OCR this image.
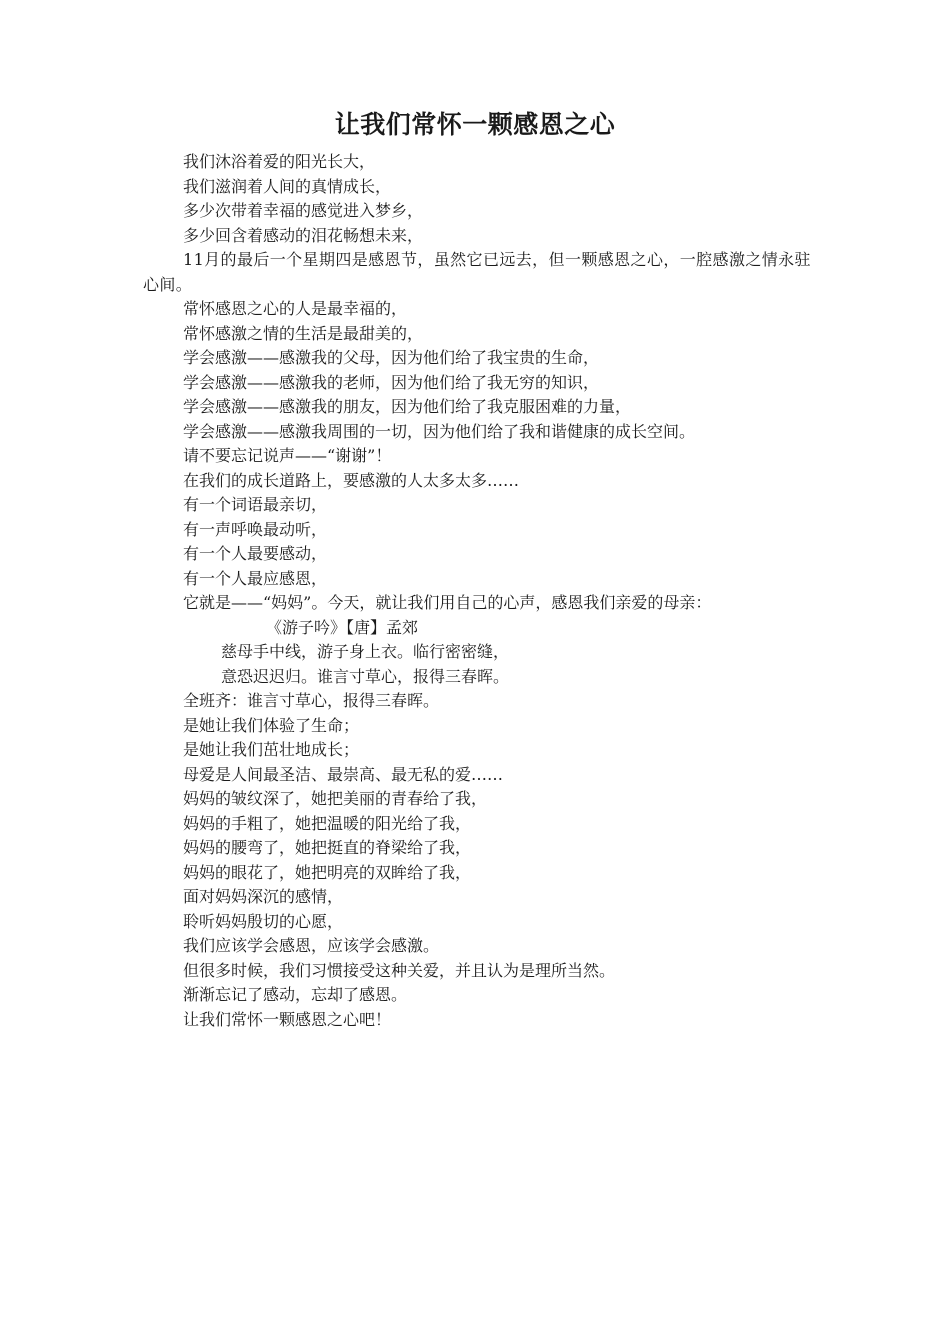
让我们常怀一颗感恩之心
我们沐浴着爱的阳光长大，
我们滋润着人间的真情成长，
多少次带着幸福的感觉进入梦乡，
多少回含着感动的泪花畅想未来，
11月的最后一个星期四是感恩节，虽然它已远去，但一颗感恩之心，一腔感激之情永驻心间。
常怀感恩之心的人是最幸福的，
常怀感激之情的生活是最甜美的，
学会感激——感激我的父母，因为他们给了我宝贵的生命，
学会感激——感激我的老师，因为他们给了我无穷的知识，
学会感激——感激我的朋友，因为他们给了我克服困难的力量，
学会感激——感激我周围的一切，因为他们给了我和谐健康的成长空间。
请不要忘记说声——“谢谢”！
在我们的成长道路上，要感激的人太多太多……
有一个词语最亲切，
有一声呼唤最动听，
有一个人最要感动，
有一个人最应感恩，
它就是——“妈妈”。今天，就让我们用自己的心声，感恩我们亲爱的母亲：
《游子吟》【唐】孟郊
慈母手中线，游子身上衣。临行密密缝，
意恐迟迟归。谁言寸草心，报得三春晖。
全班齐：谁言寸草心，报得三春晖。
是她让我们体验了生命；
是她让我们茁壮地成长；
母爱是人间最圣洁、最崇高、最无私的爱……
妈妈的皱纹深了，她把美丽的青春给了我，
妈妈的手粗了，她把温暖的阳光给了我，
妈妈的腰弯了，她把挺直的脊梁给了我，
妈妈的眼花了，她把明亮的双眸给了我，
面对妈妈深沉的感情，
聆听妈妈殷切的心愿，
我们应该学会感恩，应该学会感激。
但很多时候，我们习惯接受这种关爱，并且认为是理所当然。
渐渐忘记了感动，忘却了感恩。
让我们常怀一颗感恩之心吧！
